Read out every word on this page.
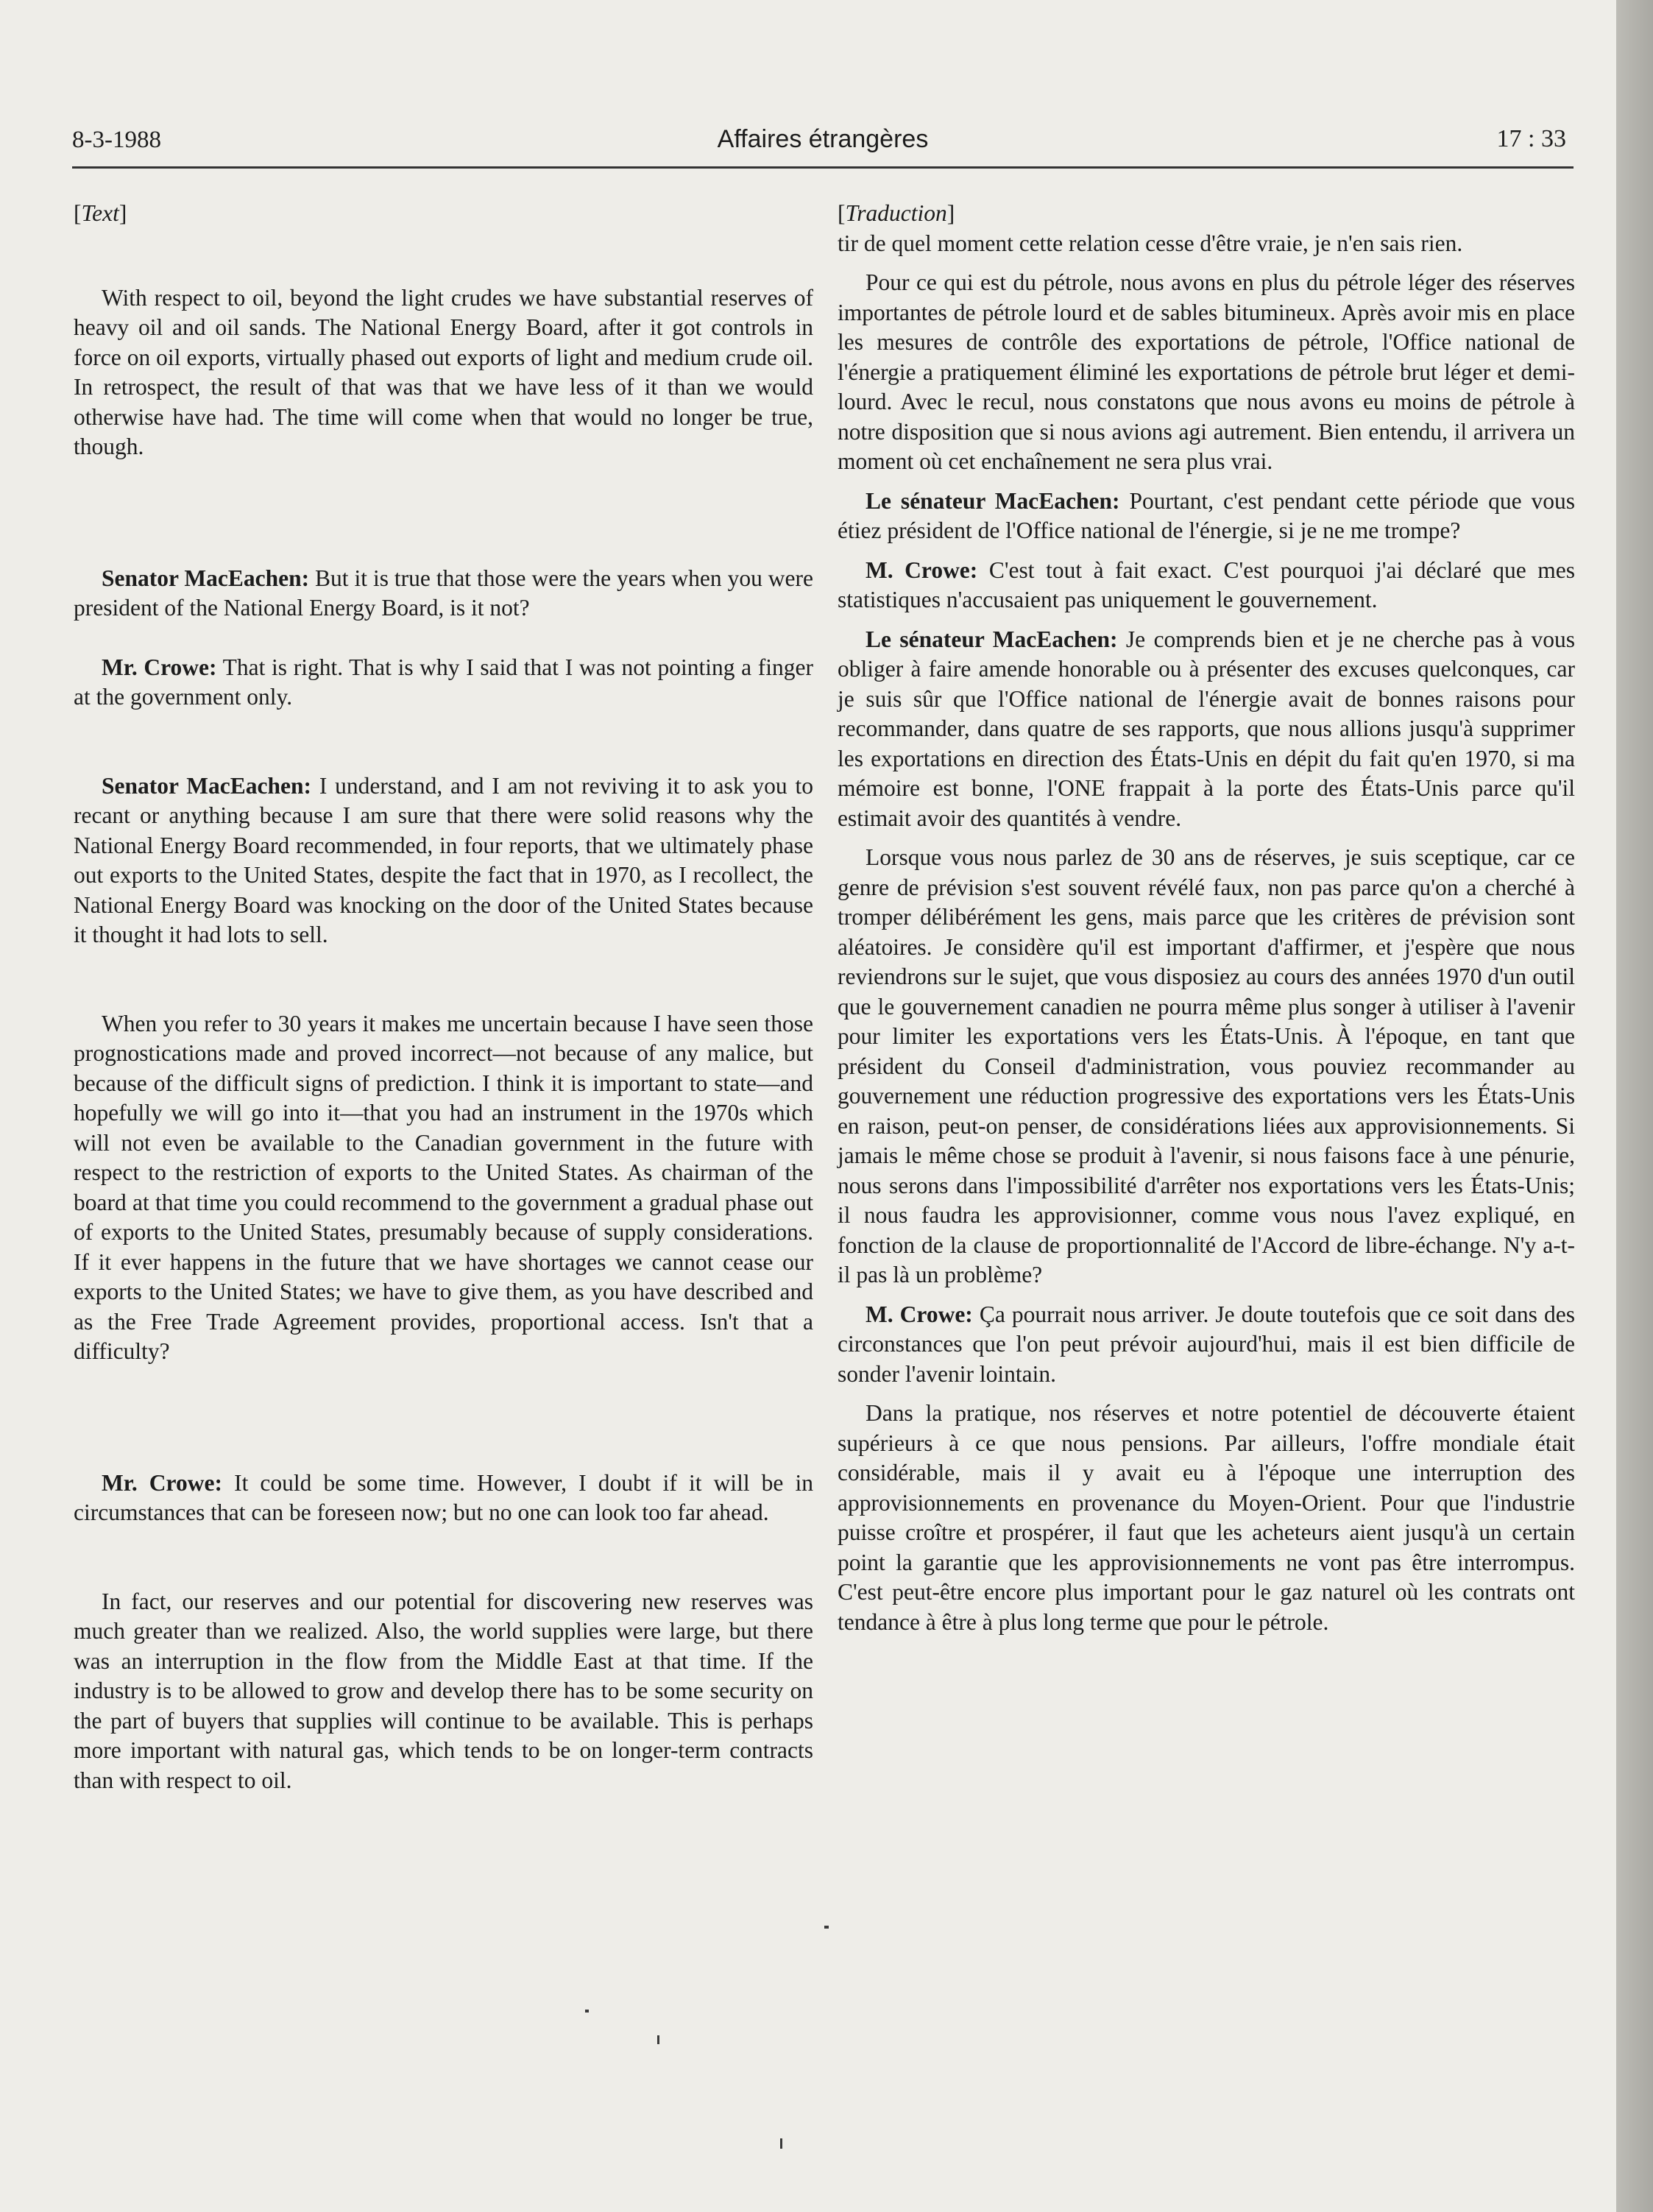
8-3-1988	Affaires étrangères	17 : 33
[Text]

With respect to oil, beyond the light crudes we have substantial reserves of heavy oil and oil sands. The National Energy Board, after it got controls in force on oil exports, virtually phased out exports of light and medium crude oil. In retrospect, the result of that was that we have less of it than we would otherwise have had. The time will come when that would no longer be true, though.

Senator MacEachen: But it is true that those were the years when you were president of the National Energy Board, is it not?

Mr. Crowe: That is right. That is why I said that I was not pointing a finger at the government only.

Senator MacEachen: I understand, and I am not reviving it to ask you to recant or anything because I am sure that there were solid reasons why the National Energy Board recommended, in four reports, that we ultimately phase out exports to the United States, despite the fact that in 1970, as I recollect, the National Energy Board was knocking on the door of the United States because it thought it had lots to sell.

When you refer to 30 years it makes me uncertain because I have seen those prognostications made and proved incorrect—not because of any malice, but because of the difficult signs of prediction. I think it is important to state—and hopefully we will go into it—that you had an instrument in the 1970s which will not even be available to the Canadian government in the future with respect to the restriction of exports to the United States. As chairman of the board at that time you could recommend to the government a gradual phase out of exports to the United States, presumably because of supply considerations. If it ever happens in the future that we have shortages we cannot cease our exports to the United States; we have to give them, as you have described and as the Free Trade Agreement provides, proportional access. Isn't that a difficulty?

Mr. Crowe: It could be some time. However, I doubt if it will be in circumstances that can be foreseen now; but no one can look too far ahead.

In fact, our reserves and our potential for discovering new reserves was much greater than we realized. Also, the world supplies were large, but there was an interruption in the flow from the Middle East at that time. If the industry is to be allowed to grow and develop there has to be some security on the part of buyers that supplies will continue to be available. This is perhaps more important with natural gas, which tends to be on longer-term contracts than with respect to oil.

[Traduction]

tir de quel moment cette relation cesse d'être vraie, je n'en sais rien.

Pour ce qui est du pétrole, nous avons en plus du pétrole léger des réserves importantes de pétrole lourd et de sables bitumineux. Après avoir mis en place les mesures de contrôle des exportations de pétrole, l'Office national de l'énergie a pratiquement éliminé les exportations de pétrole brut léger et demi-lourd. Avec le recul, nous constatons que nous avons eu moins de pétrole à notre disposition que si nous avions agi autrement. Bien entendu, il arrivera un moment où cet enchaînement ne sera plus vrai.

Le sénateur MacEachen: Pourtant, c'est pendant cette période que vous étiez président de l'Office national de l'énergie, si je ne me trompe?

M. Crowe: C'est tout à fait exact. C'est pourquoi j'ai déclaré que mes statistiques n'accusaient pas uniquement le gouvernement.

Le sénateur MacEachen: Je comprends bien et je ne cherche pas à vous obliger à faire amende honorable ou à présenter des excuses quelconques, car je suis sûr que l'Office national de l'énergie avait de bonnes raisons pour recommander, dans quatre de ses rapports, que nous allions jusqu'à supprimer les exportations en direction des États-Unis en dépit du fait qu'en 1970, si ma mémoire est bonne, l'ONE frappait à la porte des États-Unis parce qu'il estimait avoir des quantités à vendre.

Lorsque vous nous parlez de 30 ans de réserves, je suis sceptique, car ce genre de prévision s'est souvent révélé faux, non pas parce qu'on a cherché à tromper délibérément les gens, mais parce que les critères de prévision sont aléatoires. Je considère qu'il est important d'affirmer, et j'espère que nous reviendrons sur le sujet, que vous disposiez au cours des années 1970 d'un outil que le gouvernement canadien ne pourra même plus songer à utiliser à l'avenir pour limiter les exportations vers les États-Unis. À l'époque, en tant que président du Conseil d'administration, vous pouviez recommander au gouvernement une réduction progressive des exportations vers les États-Unis en raison, peut-on penser, de considérations liées aux approvisionnements. Si jamais le même chose se produit à l'avenir, si nous faisons face à une pénurie, nous serons dans l'impossibilité d'arrêter nos exportations vers les États-Unis; il nous faudra les approvisionner, comme vous nous l'avez expliqué, en fonction de la clause de proportionnalité de l'Accord de libre-échange. N'y a-t-il pas là un problème?

M. Crowe: Ça pourrait nous arriver. Je doute toutefois que ce soit dans des circonstances que l'on peut prévoir aujourd'hui, mais il est bien difficile de sonder l'avenir lointain.

Dans la pratique, nos réserves et notre potentiel de découverte étaient supérieurs à ce que nous pensions. Par ailleurs, l'offre mondiale était considérable, mais il y avait eu à l'époque une interruption des approvisionnements en provenance du Moyen-Orient. Pour que l'industrie puisse croître et prospérer, il faut que les acheteurs aient jusqu'à un certain point la garantie que les approvisionnements ne vont pas être interrompus. C'est peut-être encore plus important pour le gaz naturel où les contrats ont tendance à être à plus long terme que pour le pétrole.
